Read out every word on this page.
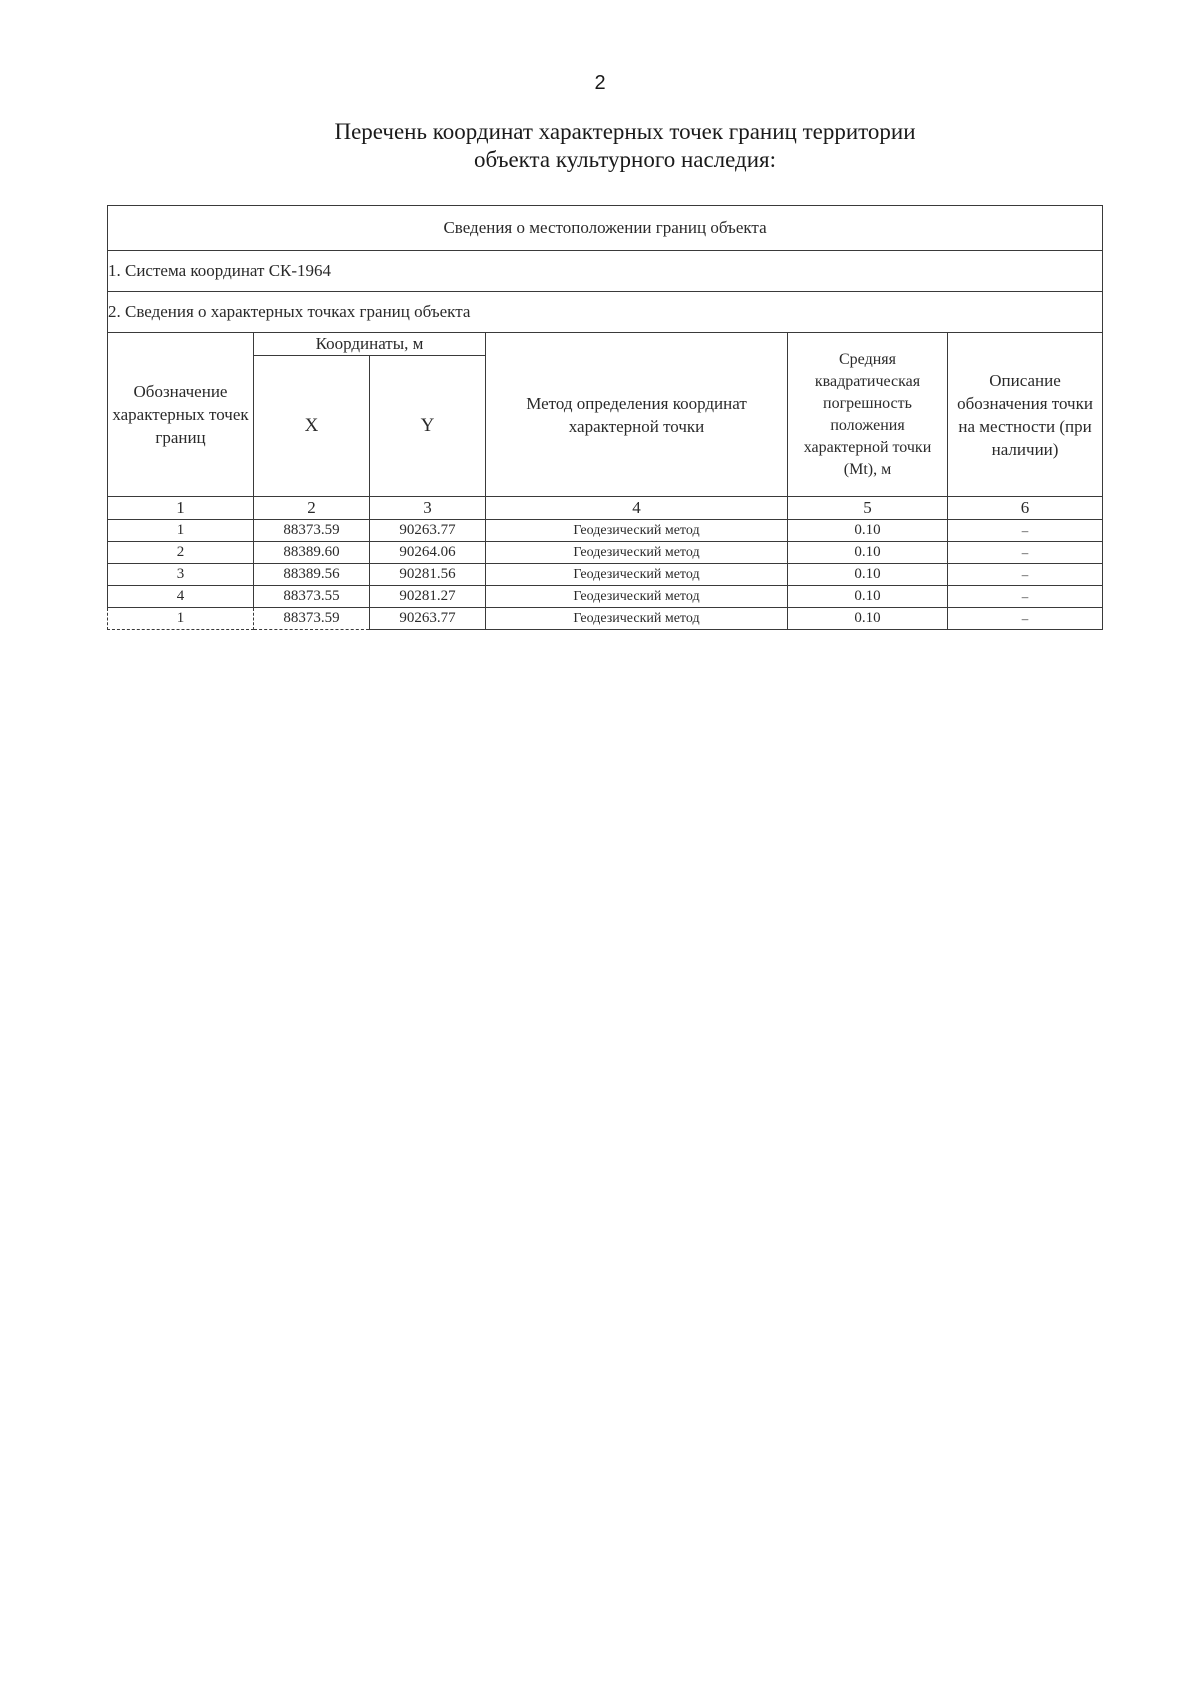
2
Перечень координат характерных точек границ территории
объекта культурного наследия:
Сведения о местоположении границ объекта					
1. Система координат СК-1964					
2. Сведения о характерных точках границ объекта					
Обозначение характерных точек границ	Координаты, м		Метод определения координат характерной точки	Средняя квадратическая погрешность положения характерной точки (Mt), м	Описание обозначения точки на местности (при наличии)
	X	Y			
1	2	3	4	5	6
1	88373.59	90263.77	Геодезический метод	0.10	–
2	88389.60	90264.06	Геодезический метод	0.10	–
3	88389.56	90281.56	Геодезический метод	0.10	–
4	88373.55	90281.27	Геодезический метод	0.10	–
1	88373.59	90263.77	Геодезический метод	0.10	–
